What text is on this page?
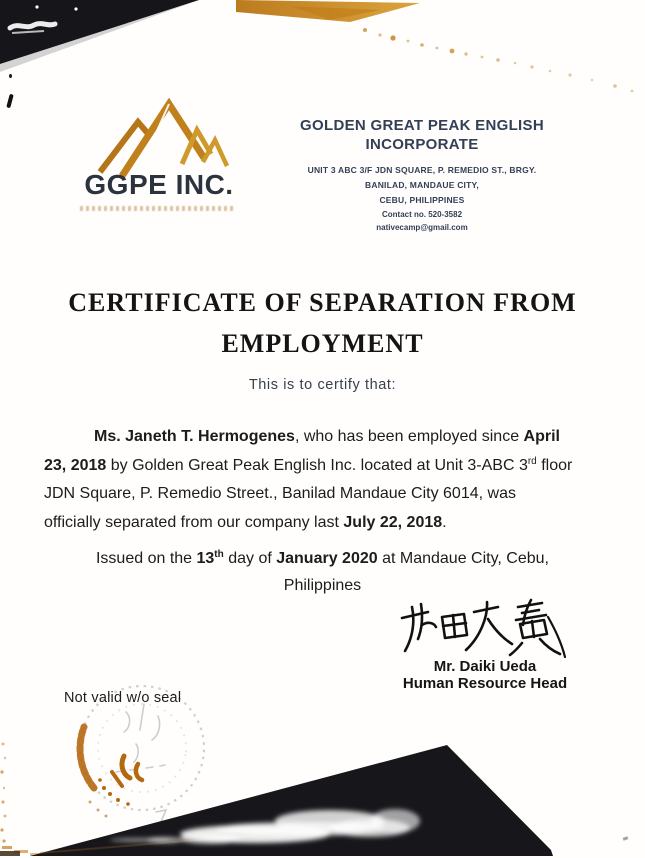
GGPE INC.
GOLDEN GREAT PEAK ENGLISH
INCORPORATE
UNIT 3 ABC 3/F JDN SQUARE, P. REMEDIO ST., BRGY.
BANILAD, MANDAUE CITY,
CEBU, PHILIPPINES
Contact no. 520-3582
nativecamp@gmail.com
CERTIFICATE OF SEPARATION FROM
EMPLOYMENT
This is to certify that:
Ms. Janeth T. Hermogenes, who has been employed since April
23, 2018 by Golden Great Peak English Inc. located at Unit 3-ABC 3rd floor
JDN Square, P. Remedio Street., Banilad Mandaue City 6014, was
officially separated from our company last July 22, 2018.
Issued on the 13th day of January 2020 at Mandaue City, Cebu,
Philippines
Mr. Daiki Ueda
Human Resource Head
Not valid w/o seal
